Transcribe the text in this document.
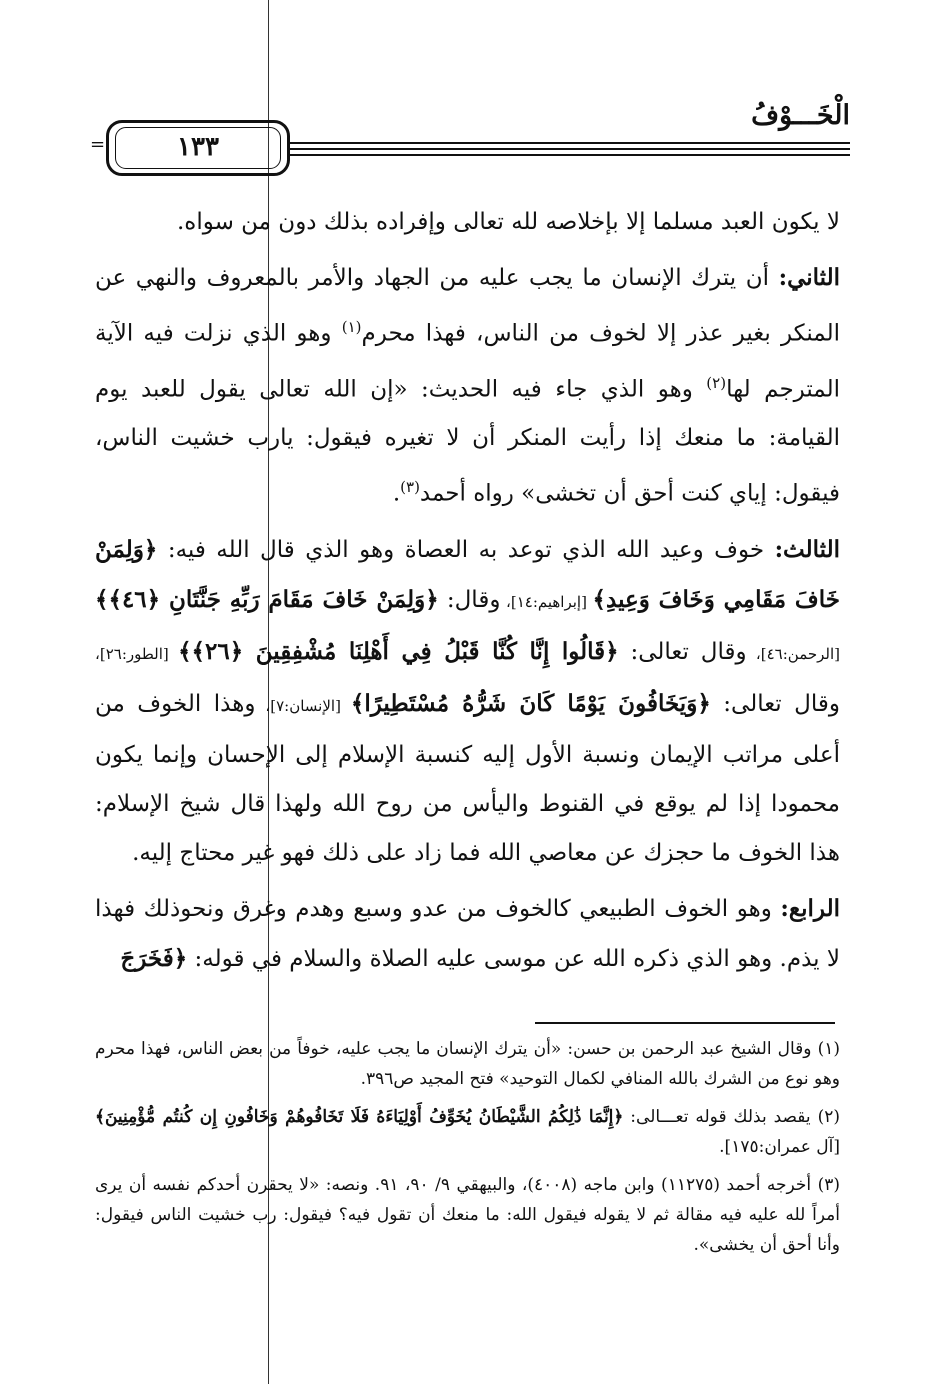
الْخَـــوْفُ
=	١٣٣

لا يكون العبد مسلما إلا بإخلاصه لله تعالى وإفراده بذلك دون من سواه.

الثاني: أن يترك الإنسان ما يجب عليه من الجهاد والأمر بالمعروف والنهي عن المنكر بغير عذر إلا لخوف من الناس، فهذا محرم$^{(١)}$ وهو الذي نزلت فيه الآية المترجم لها$^{(٢)}$ وهو الذي جاء فيه الحديث: «إن الله تعالى يقول للعبد يوم القيامة: ما منعك إذا رأيت المنكر أن لا تغيره فيقول: يارب خشيت الناس، فيقول: إياي كنت أحق أن تخشى» رواه أحمد$^{(٣)}$.

الثالث: خوف وعيد الله الذي توعد به العصاة وهو الذي قال الله فيه: ﴿وَلِمَنْ خَافَ مَقَامِي وَخَافَ وَعِيدِ﴾ [إبراهيم:١٤]، وقال: ﴿وَلِمَنْ خَافَ مَقَامَ رَبِّهِ جَنَّتَانِ ﴿٤٦﴾﴾ [الرحمن:٤٦]، وقال تعالى: ﴿قَالُوا إِنَّا كُنَّا قَبْلُ فِي أَهْلِنَا مُشْفِقِينَ ﴿٢٦﴾﴾ [الطور:٢٦]، وقال تعالى: ﴿وَيَخَافُونَ يَوْمًا كَانَ شَرُّهُ مُسْتَطِيرًا﴾ [الإنسان:٧]، وهذا الخوف من أعلى مراتب الإيمان ونسبة الأول إليه كنسبة الإسلام إلى الإحسان وإنما يكون محمودا إذا لم يوقع في القنوط واليأس من روح الله ولهذا قال شيخ الإسلام: هذا الخوف ما حجزك عن معاصي الله فما زاد على ذلك فهو غير محتاج إليه.

الرابع: وهو الخوف الطبيعي كالخوف من عدو وسبع وهدم وغرق ونحوذلك فهذا لا يذم. وهو الذي ذكره الله عن موسى عليه الصلاة والسلام في قوله: ﴿فَخَرَجَ

(١) وقال الشيخ عبد الرحمن بن حسن: «أن يترك الإنسان ما يجب عليه، خوفاً من بعض الناس، فهذا محرم وهو نوع من الشرك بالله المنافي لكمال التوحيد» فتح المجيد ص٣٩٦.

(٢) يقصد بذلك قوله تعـــالى: ﴿إِنَّمَا ذَٰلِكُمُ الشَّيْطَانُ يُخَوِّفُ أَوْلِيَاءَهُ فَلَا تَخَافُوهُمْ وَخَافُونِ إِن كُنتُم مُّؤْمِنِينَ﴾ [آل عمران:١٧٥].

(٣) أخرجه أحمد (١١٢٧٥) وابن ماجه (٤٠٠٨)، والبيهقي ٩/ ٩٠، ٩١. ونصه: «لا يحقرن أحدكم نفسه أن يرى أمراً لله عليه فيه مقالة ثم لا يقوله فيقول الله: ما منعك أن تقول فيه؟ فيقول: رب خشيت الناس فيقول: وأنا أحق أن يخشى».
